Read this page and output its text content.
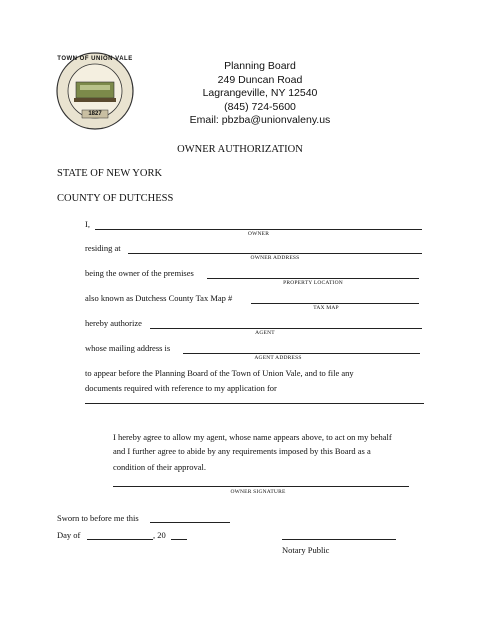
TOWN OF UNION VALE
1827
Planning Board
249 Duncan Road
Lagrangeville, NY 12540
(845) 724-5600
Email: pbzba@unionvaleny.us
OWNER AUTHORIZATION
STATE OF NEW YORK
COUNTY OF DUTCHESS
I,
OWNER
residing at
OWNER ADDRESS
being the owner of the premises
PROPERTY LOCATION
also known as Dutchess County Tax Map #
TAX MAP
hereby authorize
AGENT
whose mailing address is
AGENT ADDRESS
to appear before the Planning Board of the Town of Union Vale, and to file any
documents required with reference to my application for
I hereby agree to allow my agent, whose name appears above, to act on my behalf
and I further agree to abide by any requirements imposed by this Board as a
condition of their approval.
OWNER SIGNATURE
Sworn to before me this
Day of	, 20
Notary Public
